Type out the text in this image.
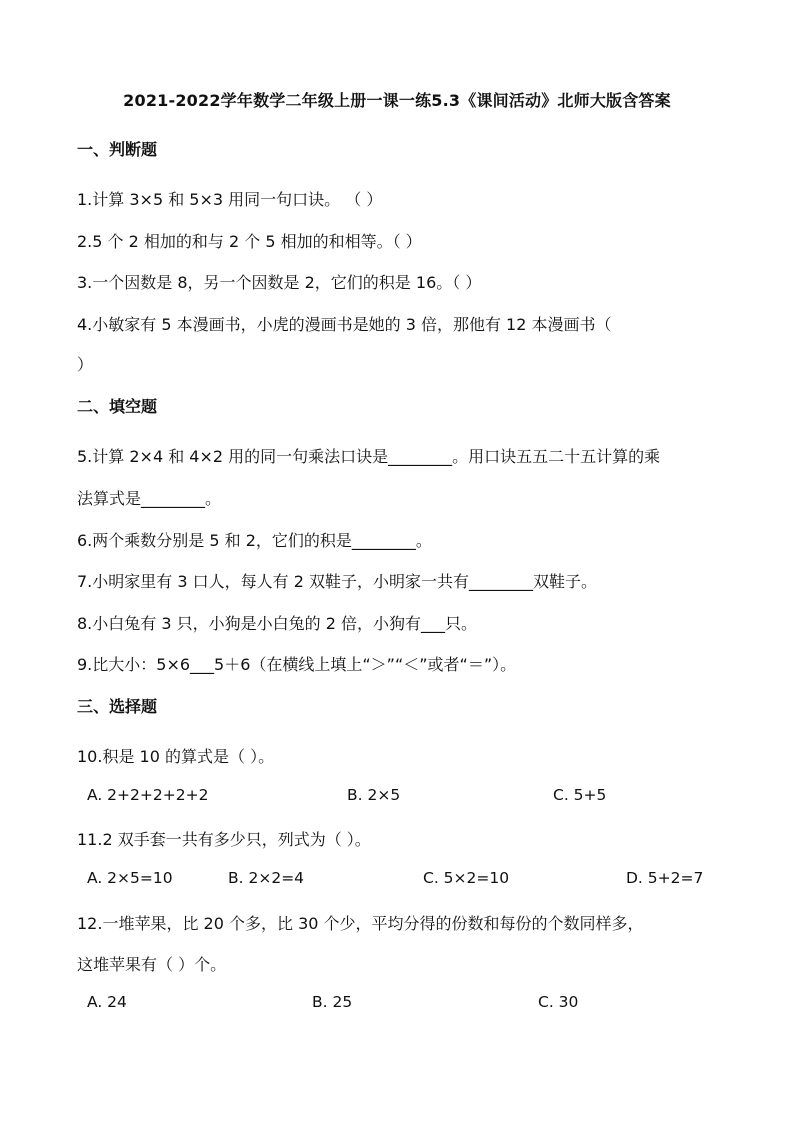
2021-2022学年数学二年级上册一课一练5.3《课间活动》北师大版含答案
一、判断题
1.计算 3×5 和 5×3 用同一句口诀。 （ ）
2.5 个 2 相加的和与 2 个 5 相加的和相等。（ ）
3.一个因数是 8，另一个因数是 2，它们的积是 16。（ ）
4.小敏家有 5 本漫画书，小虎的漫画书是她的 3 倍，那他有 12 本漫画书（
）
二、填空题
5.计算 2×4 和 4×2 用的同一句乘法口诀是________。用口诀五五二十五计算的乘
法算式是________。
6.两个乘数分别是 5 和 2，它们的积是________。
7.小明家里有 3 口人，每人有 2 双鞋子，小明家一共有________双鞋子。
8.小白兔有 3 只，小狗是小白兔的 2 倍，小狗有___只。
9.比大小：5×6___5＋6（在横线上填上“＞”“＜”或者“＝”）。
三、选择题
10.积是 10 的算式是（ ）。
A. 2+2+2+2+2	B. 2×5	C. 5+5
11.2 双手套一共有多少只，列式为（ ）。
A. 2×5=10	B. 2×2=4	C. 5×2=10	D. 5+2=7
12.一堆苹果，比 20 个多，比 30 个少，平均分得的份数和每份的个数同样多，
这堆苹果有（ ）个。
A. 24	B. 25	C. 30
